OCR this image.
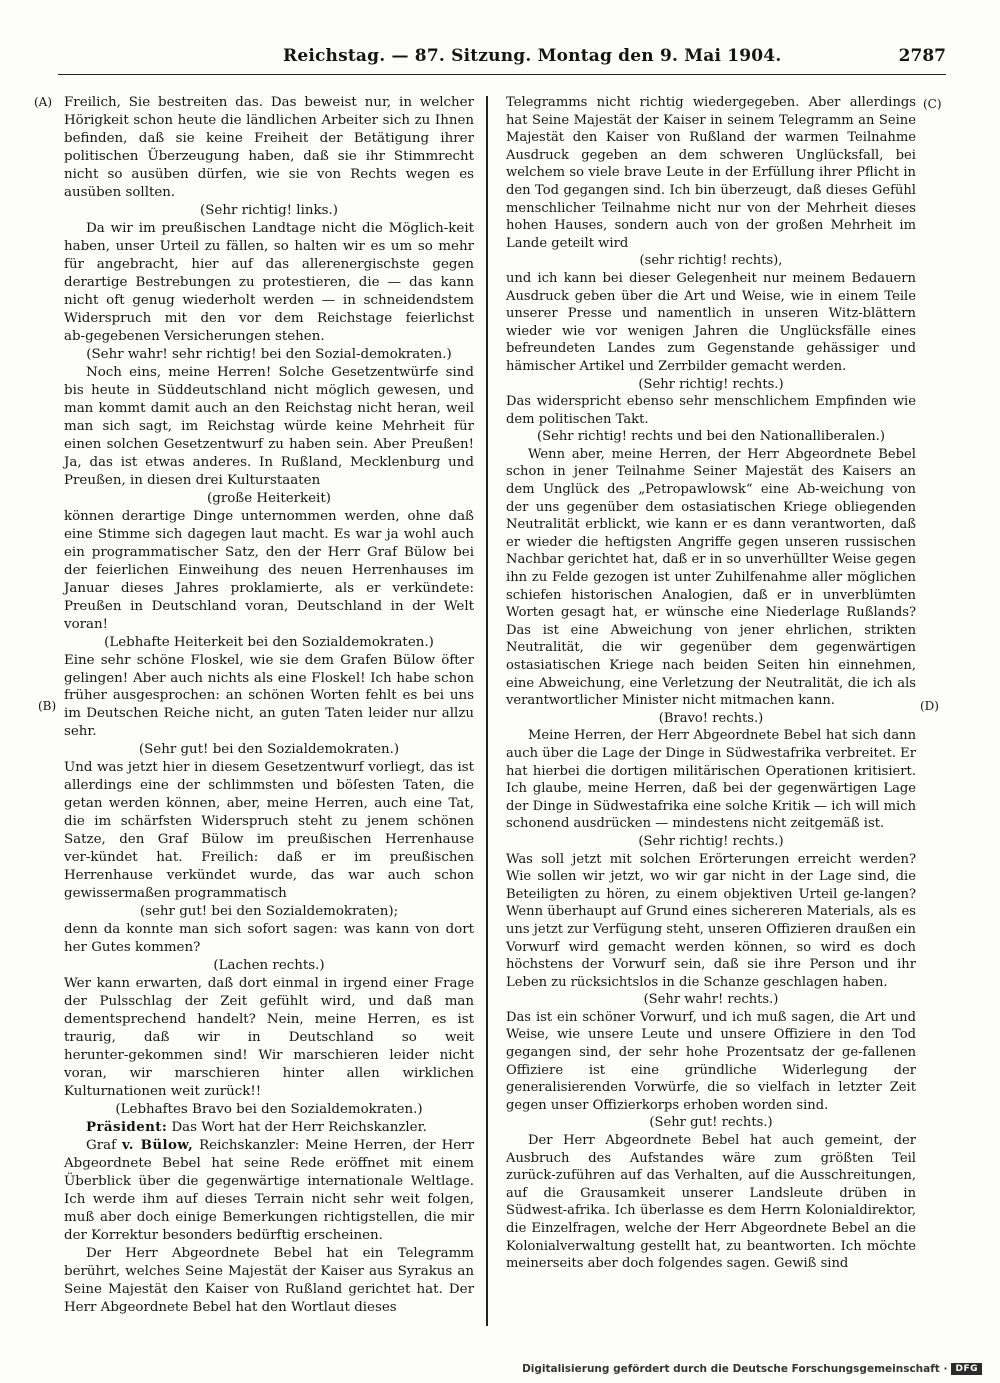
Reichstag. — 87. Sitzung. Montag den 9. Mai 1904.	2787
(A)
(B)
(C)
(D)

Freilich, Sie bestreiten das. Das beweist nur, in welcher Hörigkeit schon heute die ländlichen Arbeiter sich zu Ihnen befinden, daß sie keine Freiheit der Betätigung ihrer politischen Überzeugung haben, daß sie ihr Stimmrecht nicht so ausüben dürfen, wie sie von Rechts wegen es ausüben sollten.

(Sehr richtig! links.)

Da wir im preußischen Landtage nicht die Möglich‑keit haben, unser Urteil zu fällen, so halten wir es um so mehr für angebracht, hier auf das allerenergischste gegen derartige Bestrebungen zu protestieren, die — das kann nicht oft genug wiederholt werden — in schneidendstem Widerspruch mit den vor dem Reichstage feierlichst ab‑gegebenen Versicherungen stehen.

(Sehr wahr! sehr richtig! bei den Sozial‑demokraten.)

Noch eins, meine Herren! Solche Gesetzentwürfe sind bis heute in Süddeutschland nicht möglich gewesen, und man kommt damit auch an den Reichstag nicht heran, weil man sich sagt, im Reichstag würde keine Mehrheit für einen solchen Gesetzentwurf zu haben sein. Aber Preußen! Ja, das ist etwas anderes. In Rußland, Mecklenburg und Preußen, in diesen drei Kulturstaaten

(große Heiterkeit)

können derartige Dinge unternommen werden, ohne daß eine Stimme sich dagegen laut macht. Es war ja wohl auch ein programmatischer Satz, den der Herr Graf Bülow bei der feierlichen Einweihung des neuen Herrenhauses im Januar dieses Jahres proklamierte, als er verkündete: Preußen in Deutschland voran, Deutschland in der Welt voran!

(Lebhafte Heiterkeit bei den Sozialdemokraten.)

Eine sehr schöne Floskel, wie sie dem Grafen Bülow öfter gelingen! Aber auch nichts als eine Floskel! Ich habe schon früher ausgesprochen: an schönen Worten fehlt es bei uns im Deutschen Reiche nicht, an guten Taten leider nur allzu sehr.

(Sehr gut! bei den Sozialdemokraten.)

Und was jetzt hier in diesem Gesetzentwurf vorliegt, das ist allerdings eine der schlimmsten und böſesten Taten, die getan werden können, aber, meine Herren, auch eine Tat, die im schärfsten Widerspruch steht zu jenem schönen Satze, den Graf Bülow im preußischen Herrenhause ver‑kündet hat. Freilich: daß er im preußischen Herrenhause verkündet wurde, das war auch schon gewissermaßen programmatisch

(sehr gut! bei den Sozialdemokraten);

denn da konnte man sich sofort sagen: was kann von dort her Gutes kommen?

(Lachen rechts.)

Wer kann erwarten, daß dort einmal in irgend einer Frage der Pulsschlag der Zeit gefühlt wird, und daß man dementsprechend handelt? Nein, meine Herren, es ist traurig, daß wir in Deutschland so weit herunter‑gekommen sind! Wir marschieren leider nicht voran, wir marschieren hinter allen wirklichen Kulturnationen weit zurück!!

(Lebhaftes Bravo bei den Sozialdemokraten.)

Präsident: Das Wort hat der Herr Reichskanzler.

Graf v. Bülow, Reichskanzler: Meine Herren, der Herr Abgeordnete Bebel hat seine Rede eröffnet mit einem Überblick über die gegenwärtige internationale Weltlage. Ich werde ihm auf dieses Terrain nicht sehr weit folgen, muß aber doch einige Bemerkungen richtigstellen, die mir der Korrektur besonders bedürftig erscheinen.

Der Herr Abgeordnete Bebel hat ein Telegramm berührt, welches Seine Majestät der Kaiser aus Syrakus an Seine Majestät den Kaiser von Rußland gerichtet hat. Der Herr Abgeordnete Bebel hat den Wortlaut dieses

Telegramms nicht richtig wiedergegeben. Aber allerdings hat Seine Majestät der Kaiser in seinem Telegramm an Seine Majestät den Kaiser von Rußland der warmen Teilnahme Ausdruck gegeben an dem schweren Unglücksfall, bei welchem so viele brave Leute in der Erfüllung ihrer Pflicht in den Tod gegangen sind. Ich bin überzeugt, daß dieses Gefühl menschlicher Teilnahme nicht nur von der Mehrheit dieses hohen Hauses, sondern auch von der großen Mehrheit im Lande geteilt wird

(sehr richtig! rechts),

und ich kann bei dieser Gelegenheit nur meinem Bedauern Ausdruck geben über die Art und Weise, wie in einem Teile unserer Presse und namentlich in unseren Witz‑blättern wieder wie vor wenigen Jahren die Unglücksfälle eines befreundeten Landes zum Gegenstande gehässiger und hämischer Artikel und Zerrbilder gemacht werden.

(Sehr richtig! rechts.)

Das widerspricht ebenso sehr menschlichem Empfinden wie dem politischen Takt.

(Sehr richtig! rechts und bei den Nationalliberalen.)

Wenn aber, meine Herren, der Herr Abgeordnete Bebel schon in jener Teilnahme Seiner Majestät des Kaisers an dem Unglück des „Petropawlowsk“ eine Ab‑weichung von der uns gegenüber dem ostasiatischen Kriege obliegenden Neutralität erblickt, wie kann er es dann verantworten, daß er wieder die heftigsten Angriffe gegen unseren russischen Nachbar gerichtet hat, daß er in so unverhüllter Weise gegen ihn zu Felde gezogen ist unter Zuhilfenahme aller möglichen schiefen historischen Analogien, daß er in unverblümten Worten gesagt hat, er wünsche eine Niederlage Rußlands? Das ist eine Abweichung von jener ehrlichen, strikten Neutralität, die wir gegenüber dem gegenwärtigen ostasiatischen Kriege nach beiden Seiten hin einnehmen, eine Abweichung, eine Verletzung der Neutralität, die ich als verantwortlicher Minister nicht mitmachen kann.

(Bravo! rechts.)

Meine Herren, der Herr Abgeordnete Bebel hat sich dann auch über die Lage der Dinge in Südwestafrika verbreitet. Er hat hierbei die dortigen militärischen Operationen kritisiert. Ich glaube, meine Herren, daß bei der gegenwärtigen Lage der Dinge in Südwestafrika eine solche Kritik — ich will mich schonend ausdrücken — mindestens nicht zeitgemäß ist.

(Sehr richtig! rechts.)

Was soll jetzt mit solchen Erörterungen erreicht werden? Wie sollen wir jetzt, wo wir gar nicht in der Lage sind, die Beteiligten zu hören, zu einem objektiven Urteil ge‑langen? Wenn überhaupt auf Grund eines sichereren Materials, als es uns jetzt zur Verfügung steht, unseren Offizieren draußen ein Vorwurf wird gemacht werden können, so wird es doch höchstens der Vorwurf sein, daß sie ihre Person und ihr Leben zu rücksichtslos in die Schanze geschlagen haben.

(Sehr wahr! rechts.)

Das ist ein schöner Vorwurf, und ich muß sagen, die Art und Weise, wie unsere Leute und unsere Offiziere in den Tod gegangen sind, der sehr hohe Prozentsatz der ge‑fallenen Offiziere ist eine gründliche Widerlegung der generalisierenden Vorwürfe, die so vielfach in letzter Zeit gegen unser Offizierkorps erhoben worden sind.

(Sehr gut! rechts.)

Der Herr Abgeordnete Bebel hat auch gemeint, der Ausbruch des Aufstandes wäre zum größten Teil zurück‑zuführen auf das Verhalten, auf die Ausschreitungen, auf die Grausamkeit unserer Landsleute drüben in Südwest‑afrika. Ich überlasse es dem Herrn Kolonialdirektor, die Einzelfragen, welche der Herr Abgeordnete Bebel an die Kolonialverwaltung gestellt hat, zu beantworten. Ich möchte meinerseits aber doch folgendes sagen. Gewiß sind

Digitalisierung gefördert durch die Deutsche Forschungsgemeinschaft · DFG
